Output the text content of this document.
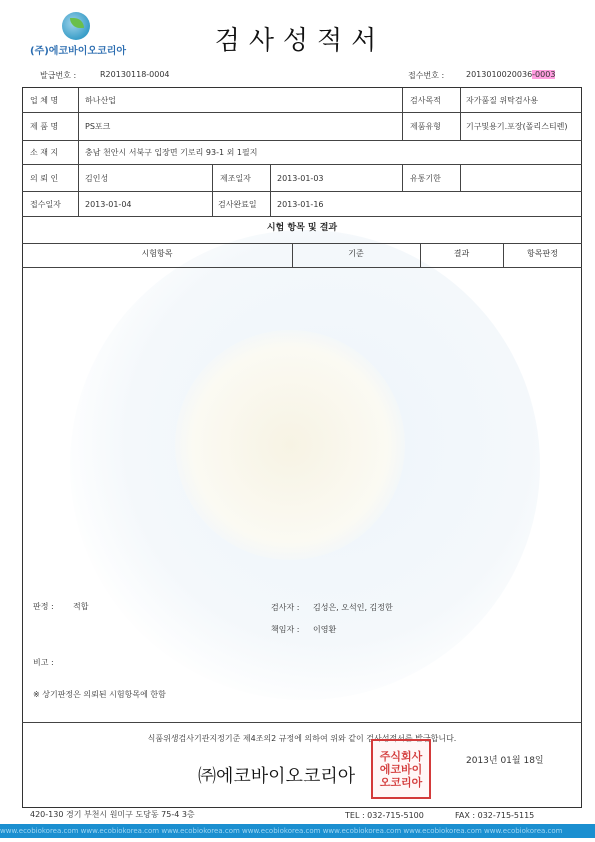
(주)에코바이오코리아	검사성적서
발급번호 :	R20130118-0004	접수번호 :	2013010020036-0003
업 체 명	하나산업	검사목적	자가품질 위탁검사용
제 품 명	PS포크	제품유형	기구및용기.포장(폴리스티렌)
소 재 지	충남 천안시 서북구 입장면 기로리 93-1 외 1필지
의 뢰 인	김인성	제조일자	2013-01-03	유통기한
접수일자	2013-01-04	검사완료일	2013-01-16
시험 항목 및 결과
시험항목	기준	결과	항목판정
판정 : 적합	검사자 : 김성은, 오석인, 김정한
책임자 : 이영환
비고 :
※ 상기판정은 의뢰된 시험항목에 한함
식품위생검사기관지정기준 제4조의2 규정에 의하여 위와 같이 검사성적서를 발급합니다.
2013년 01월 18일
㈜에코바이오코리아
주식회사에코바이오코리아
420-130 경기 부천시 원미구 도당동 75-4 3층	TEL : 032-715-5100	FAX : 032-715-5115
www.ecobiokorea.com www.ecobiokorea.com www.ecobiokorea.com www.ecobiokorea.com www.ecobiokorea.com www.ecobiokorea.com www.ecobiokorea.com
